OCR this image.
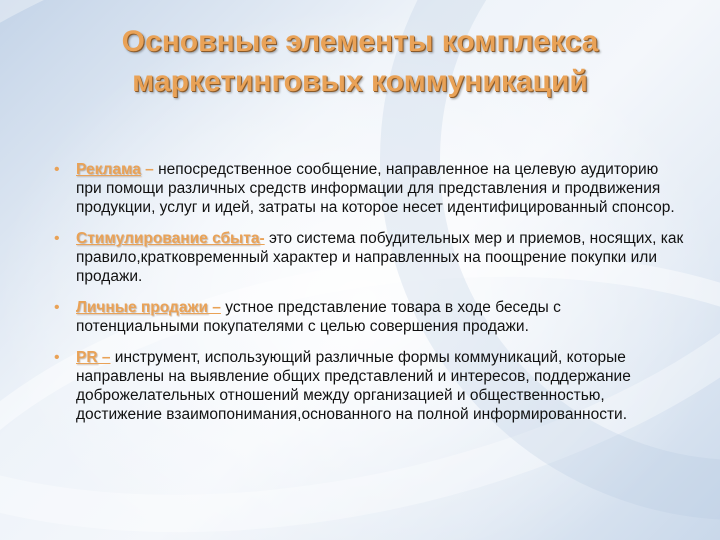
Основные элементы комплекса
маркетинговых коммуникаций
• Реклама – непосредственное сообщение, направленное на целевую аудиторию при помощи различных средств информации для представления и продвижения продукции, услуг и идей, затраты на которое несет идентифицированный спонсор.
• Стимулирование сбыта- это система побудительных мер и приемов, носящих, как правило,кратковременный характер и направленных на поощрение покупки или продажи.
• Личные продажи – устное представление товара в ходе беседы с потенциальными покупателями с целью совершения продажи.
• PR – инструмент, использующий различные формы коммуникаций, которые направлены на выявление общих представлений и интересов, поддержание доброжелательных отношений между организацией и общественностью, достижение взаимопонимания,основанного на полной информированности.
